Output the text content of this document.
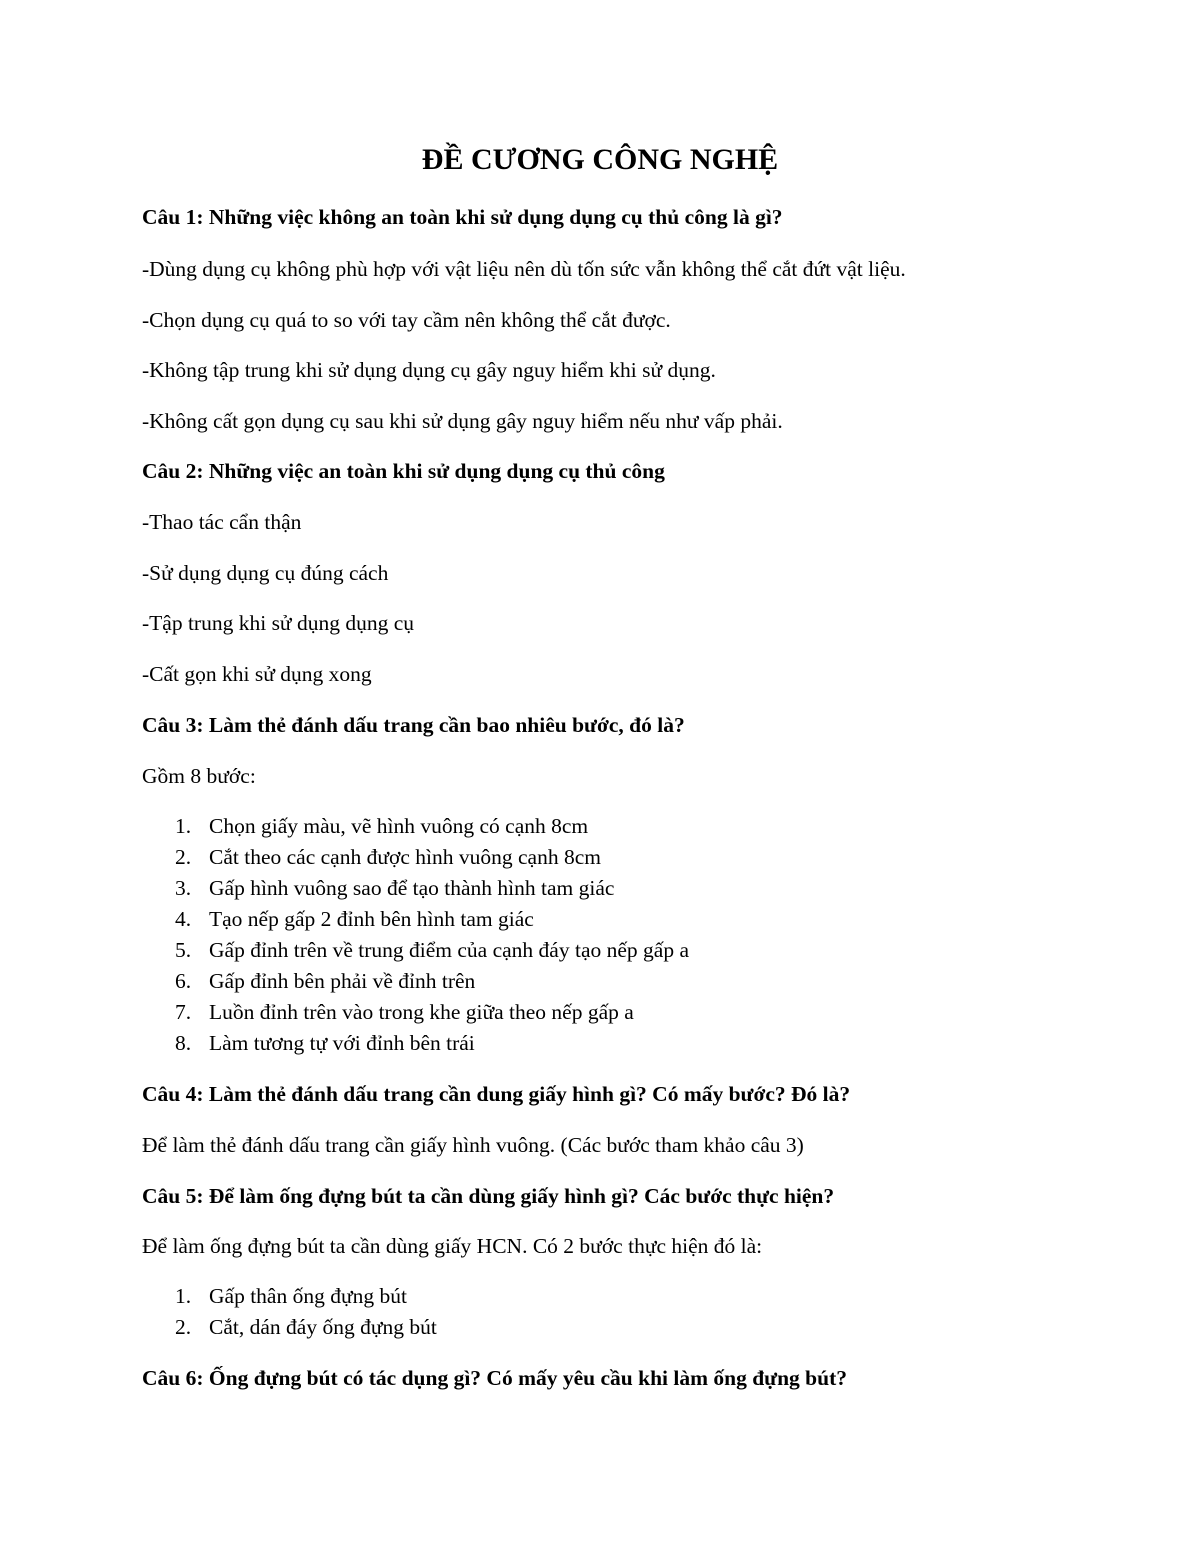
ĐỀ CƯƠNG CÔNG NGHỆ
Câu 1: Những việc không an toàn khi sử dụng dụng cụ thủ công là gì?
-Dùng dụng cụ không phù hợp với vật liệu nên dù tốn sức vẫn không thể cắt đứt vật liệu.
-Chọn dụng cụ quá to so với tay cầm nên không thể cắt được.
-Không tập trung khi sử dụng dụng cụ gây nguy hiểm khi sử dụng.
-Không cất gọn dụng cụ sau khi sử dụng gây nguy hiểm nếu như vấp phải.
Câu 2: Những việc an toàn khi sử dụng dụng cụ thủ công
-Thao tác cẩn thận
-Sử dụng dụng cụ đúng cách
-Tập trung khi sử dụng dụng cụ
-Cất gọn khi sử dụng xong
Câu 3: Làm thẻ đánh dấu trang cần bao nhiêu bước, đó là?
Gồm 8 bước:
1. Chọn giấy màu, vẽ hình vuông có cạnh 8cm
2. Cắt theo các cạnh được hình vuông cạnh 8cm
3. Gấp hình vuông sao để tạo thành hình tam giác
4. Tạo nếp gấp 2 đỉnh bên hình tam giác
5. Gấp đỉnh trên về trung điểm của cạnh đáy tạo nếp gấp a
6. Gấp đỉnh bên phải về đỉnh trên
7. Luồn đỉnh trên vào trong khe giữa theo nếp gấp a
8. Làm tương tự với đỉnh bên trái
Câu 4: Làm thẻ đánh dấu trang cần dung giấy hình gì? Có mấy bước? Đó là?
Để làm thẻ đánh dấu trang cần giấy hình vuông. (Các bước tham khảo câu 3)
Câu 5: Để làm ống đựng bút ta cần dùng giấy hình gì? Các bước thực hiện?
Để làm ống đựng bút ta cần dùng giấy HCN. Có 2 bước thực hiện đó là:
1. Gấp thân ống đựng bút
2. Cắt, dán đáy ống đựng bút
Câu 6: Ống đựng bút có tác dụng gì? Có mấy yêu cầu khi làm ống đựng bút?
